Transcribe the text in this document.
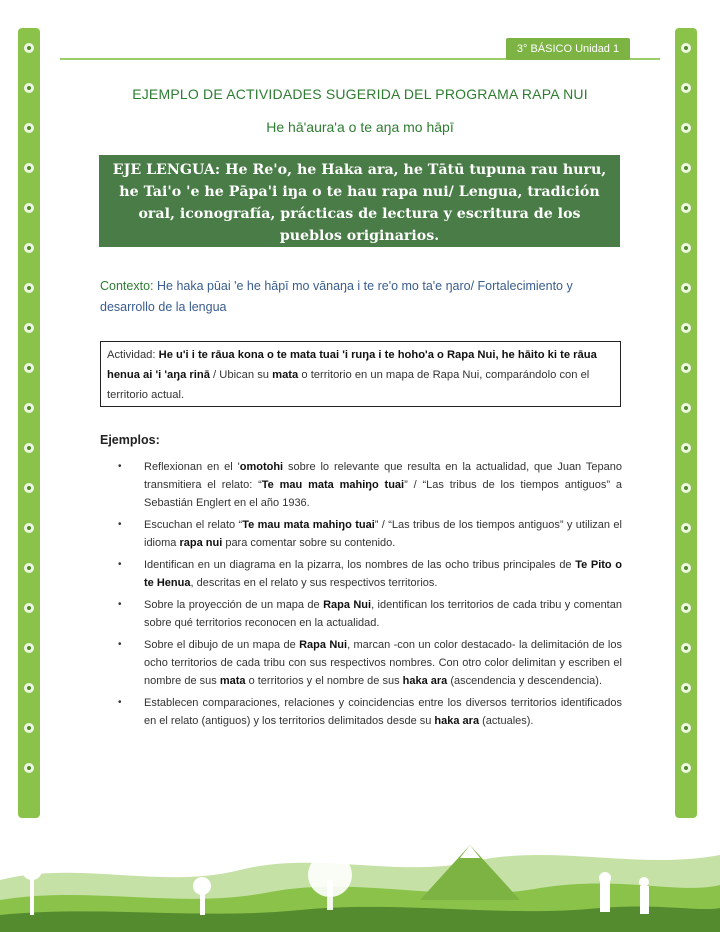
3° BÁSICO Unidad 1
EJEMPLO DE ACTIVIDADES SUGERIDA DEL PROGRAMA RAPA NUI
He hā'aura'a o te aŋa mo hāpī
EJE LENGUA: He Re'o, he Haka ara, he Tātū tupuna rau huru, he Tai'o 'e he Pāpa'i iŋa o te hau rapa nui/ Lengua, tradición oral, iconografía, prácticas de lectura y escritura de los pueblos originarios.
Contexto: He haka pūai 'e he hāpī mo vānaŋa i te re'o mo ta'e ŋaro/ Fortalecimiento y desarrollo de la lengua
Actividad: He u'i i te rāua kona o te mata tuai 'i ruŋa i te hoho'a o Rapa Nui, he hāito ki te rāua henua ai 'i 'aŋa rinā / Ubican su mata o territorio en un mapa de Rapa Nui, comparándolo con el territorio actual.
Ejemplos:
• Reflexionan en el 'omotohi sobre lo relevante que resulta en la actualidad, que Juan Tepano transmitiera el relato: “Te mau mata mahiŋo tuai” / “Las tribus de los tiempos antiguos” a Sebastián Englert en el año 1936.
• Escuchan el relato “Te mau mata mahiŋo tuai” / “Las tribus de los tiempos antiguos” y utilizan el idioma rapa nui para comentar sobre su contenido.
• Identifican en un diagrama en la pizarra, los nombres de las ocho tribus principales de Te Pito o te Henua, descritas en el relato y sus respectivos territorios.
• Sobre la proyección de un mapa de Rapa Nui, identifican los territorios de cada tribu y comentan sobre qué territorios reconocen en la actualidad.
• Sobre el dibujo de un mapa de Rapa Nui, marcan -con un color destacado- la delimitación de los ocho territorios de cada tribu con sus respectivos nombres. Con otro color delimitan y escriben el nombre de sus mata o territorios y el nombre de sus haka ara (ascendencia y descendencia).
• Establecen comparaciones, relaciones y coincidencias entre los diversos territorios identificados en el relato (antiguos) y los territorios delimitados desde su haka ara (actuales).
